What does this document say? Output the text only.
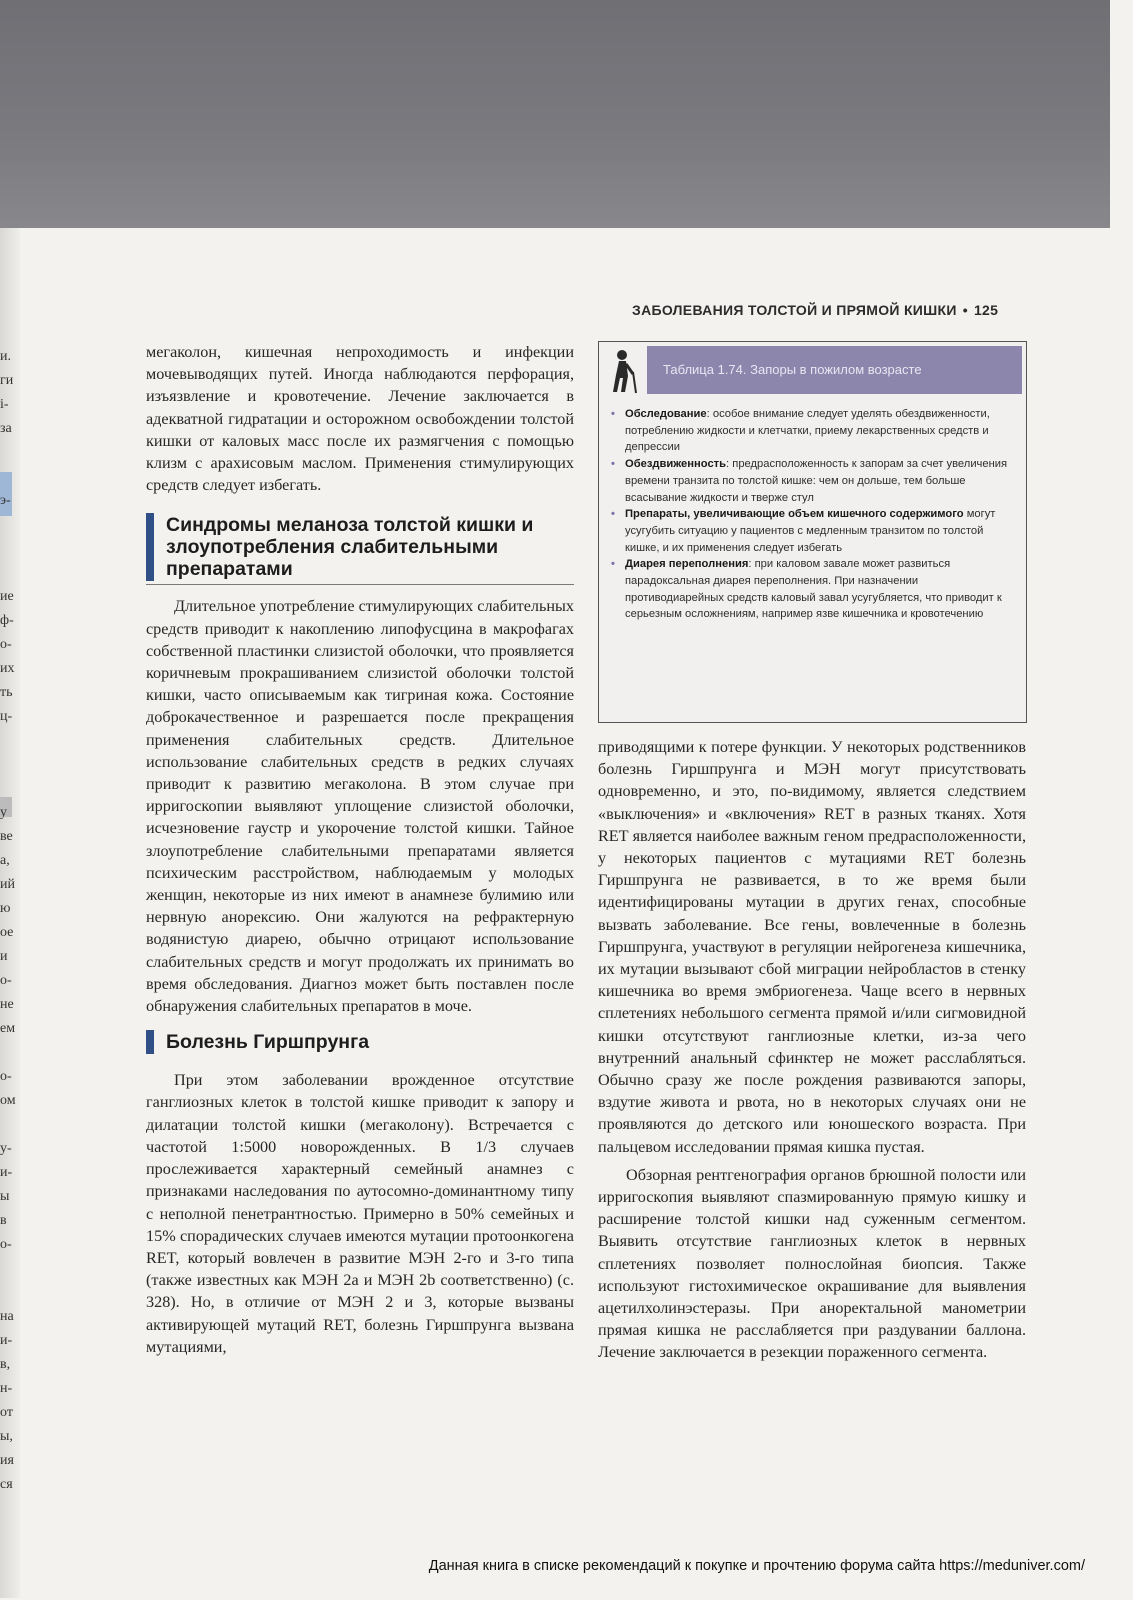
и.
ги
і-
за

э-

ие
ф-
о-
их
ть
ц-

у
ве
а,
ий
ю
ое
и
о-
не
ем

о-
ом

у-
и-
ы
в
о-

на
и-
в,
н-
от
ы,
ия
ся
ЗАБОЛЕВАНИЯ ТОЛСТОЙ И ПРЯМОЙ КИШКИ • 125

мегаколон, кишечная непроходимость и инфекции мочевыводящих путей. Иногда наблюдаются перфорация, изъязвление и кровотечение. Лечение заключается в адекватной гидратации и осторожном освобождении толстой кишки от каловых масс после их размягчения с помощью клизм с арахисовым маслом. Применения стимулирующих средств следует избегать.

Синдромы меланоза толстой кишки и злоупотребления слабительными препаратами

Длительное употребление стимулирующих слабительных средств приводит к накоплению липофусцина в макрофагах собственной пластинки слизистой оболочки, что проявляется коричневым прокрашиванием слизистой оболочки толстой кишки, часто описываемым как тигриная кожа. Состояние доброкачественное и разрешается после прекращения применения слабительных средств. Длительное использование слабительных средств в редких случаях приводит к развитию мегаколона. В этом случае при ирригоскопии выявляют уплощение слизистой оболочки, исчезновение гаустр и укорочение толстой кишки. Тайное злоупотребление слабительными препаратами является психическим расстройством, наблюдаемым у молодых женщин, некоторые из них имеют в анамнезе булимию или нервную анорексию. Они жалуются на рефрактерную водянистую диарею, обычно отрицают использование слабительных средств и могут продолжать их принимать во время обследования. Диагноз может быть поставлен после обнаружения слабительных препаратов в моче.

Болезнь Гиршпрунга

При этом заболевании врожденное отсутствие ганглиозных клеток в толстой кишке приводит к запору и дилатации толстой кишки (мегаколону). Встречается с частотой 1:5000 новорожденных. В 1/3 случаев прослеживается характерный семейный анамнез с признаками наследования по аутосомно-доминантному типу с неполной пенетрантностью. Примерно в 50% семейных и 15% спорадических случаев имеются мутации протоонкогена RET, который вовлечен в развитие МЭН 2-го и 3-го типа (также известных как МЭН 2а и МЭН 2b соответственно) (с. 328). Но, в отличие от МЭН 2 и 3, которые вызваны активирующей мутаций RET, болезнь Гиршпрунга вызвана мутациями,

Таблица 1.74. Запоры в пожилом возрасте
• Обследование: особое внимание следует уделять обездвиженности, потреблению жидкости и клетчатки, приему лекарственных средств и депрессии
• Обездвиженность: предрасположенность к запорам за счет увеличения времени транзита по толстой кишке: чем он дольше, тем больше всасывание жидкости и тверже стул
• Препараты, увеличивающие объем кишечного содержимого могут усугубить ситуацию у пациентов с медленным транзитом по толстой кишке, и их применения следует избегать
• Диарея переполнения: при каловом завале может развиться парадоксальная диарея переполнения. При назначении противодиарейных средств каловый завал усугубляется, что приводит к серьезным осложнениям, например язве кишечника и кровотечению

приводящими к потере функции. У некоторых родственников болезнь Гиршпрунга и МЭН могут присутствовать одновременно, и это, по-видимому, является следствием «выключения» и «включения» RET в разных тканях. Хотя RET является наиболее важным геном предрасположенности, у некоторых пациентов с мутациями RET болезнь Гиршпрунга не развивается, в то же время были идентифицированы мутации в других генах, способные вызвать заболевание. Все гены, вовлеченные в болезнь Гиршпрунга, участвуют в регуляции нейрогенеза кишечника, их мутации вызывают сбой миграции нейробластов в стенку кишечника во время эмбриогенеза. Чаще всего в нервных сплетениях небольшого сегмента прямой и/или сигмовидной кишки отсутствуют ганглиозные клетки, из-за чего внутренний анальный сфинктер не может расслабляться. Обычно сразу же после рождения развиваются запоры, вздутие живота и рвота, но в некоторых случаях они не проявляются до детского или юношеского возраста. При пальцевом исследовании прямая кишка пустая.

Обзорная рентгенография органов брюшной полости или ирригоскопия выявляют спазмированную прямую кишку и расширение толстой кишки над суженным сегментом. Выявить отсутствие ганглиозных клеток в нервных сплетениях позволяет полнослойная биопсия. Также используют гистохимическое окрашивание для выявления ацетилхолинэстеразы. При аноректальной манометрии прямая кишка не расслабляется при раздувании баллона. Лечение заключается в резекции пораженного сегмента.

Данная книга в списке рекомендаций к покупке и прочтению форума сайта https://meduniver.com/
